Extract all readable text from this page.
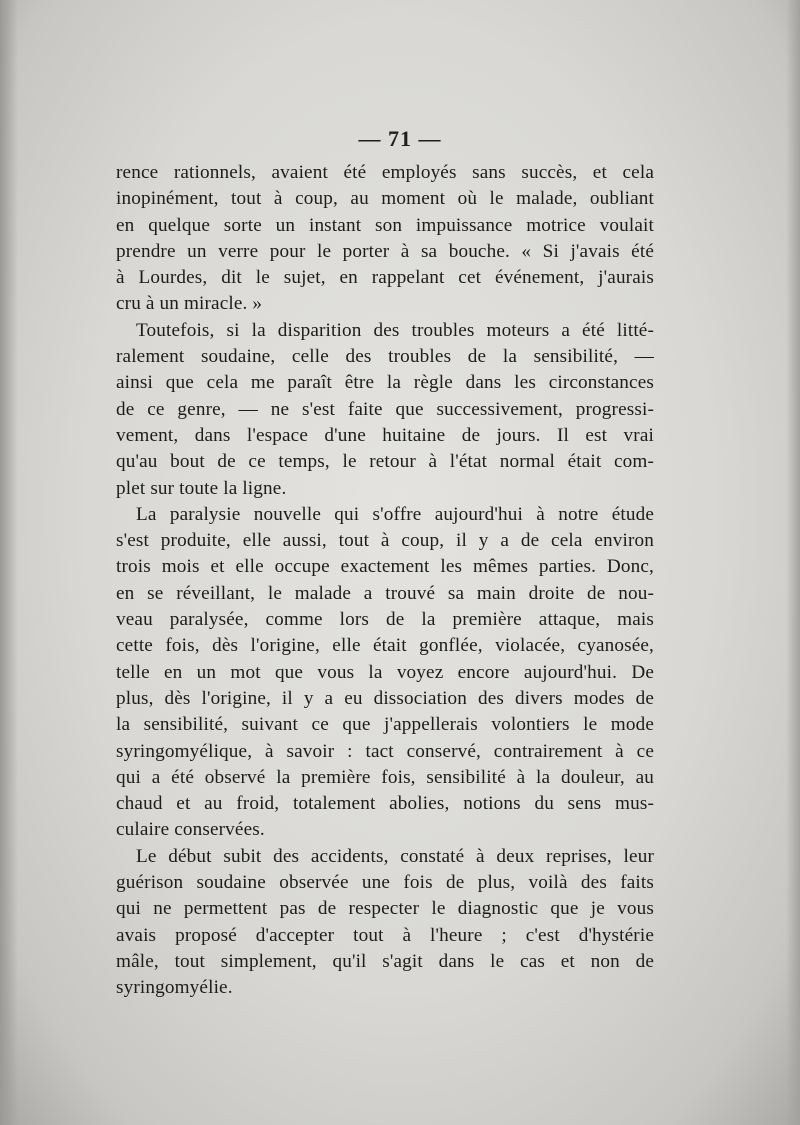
— 71 —
rence rationnels, avaient été employés sans succès, et cela
inopinément, tout à coup, au moment où le malade, oubliant
en quelque sorte un instant son impuissance motrice voulait
prendre un verre pour le porter à sa bouche. « Si j'avais été
à Lourdes, dit le sujet, en rappelant cet événement, j'aurais
cru à un miracle. »
Toutefois, si la disparition des troubles moteurs a été litté-
ralement soudaine, celle des troubles de la sensibilité, —
ainsi que cela me paraît être la règle dans les circonstances
de ce genre, — ne s'est faite que successivement, progressi-
vement, dans l'espace d'une huitaine de jours. Il est vrai
qu'au bout de ce temps, le retour à l'état normal était com-
plet sur toute la ligne.
La paralysie nouvelle qui s'offre aujourd'hui à notre étude
s'est produite, elle aussi, tout à coup, il y a de cela environ
trois mois et elle occupe exactement les mêmes parties. Donc,
en se réveillant, le malade a trouvé sa main droite de nou-
veau paralysée, comme lors de la première attaque, mais
cette fois, dès l'origine, elle était gonflée, violacée, cyanosée,
telle en un mot que vous la voyez encore aujourd'hui. De
plus, dès l'origine, il y a eu dissociation des divers modes de
la sensibilité, suivant ce que j'appellerais volontiers le mode
syringomyélique, à savoir : tact conservé, contrairement à ce
qui a été observé la première fois, sensibilité à la douleur, au
chaud et au froid, totalement abolies, notions du sens mus-
culaire conservées.
Le début subit des accidents, constaté à deux reprises, leur
guérison soudaine observée une fois de plus, voilà des faits
qui ne permettent pas de respecter le diagnostic que je vous
avais proposé d'accepter tout à l'heure ; c'est d'hystérie
mâle, tout simplement, qu'il s'agit dans le cas et non de
syringomyélie.
